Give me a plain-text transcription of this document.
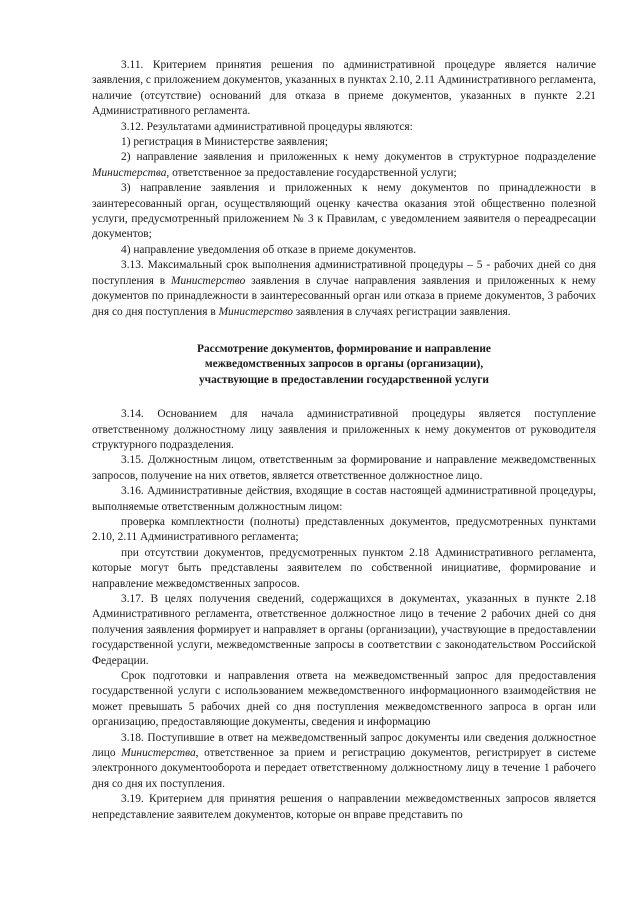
3.11. Критерием принятия решения по административной процедуре является наличие заявления, с приложением документов, указанных в пунктах 2.10, 2.11 Административного регламента, наличие (отсутствие) оснований для отказа в приеме документов, указанных в пункте 2.21 Административного регламента.

3.12. Результатами административной процедуры являются:

1) регистрация в Министерстве заявления;

2) направление заявления и приложенных к нему документов в структурное подразделение Министерства, ответственное за предоставление государственной услуги;

3) направление заявления и приложенных к нему документов по принадлежности в заинтересованный орган, осуществляющий оценку качества оказания этой общественно полезной услуги, предусмотренный приложением № 3 к Правилам, с уведомлением заявителя о переадресации документов;

4) направление уведомления об отказе в приеме документов.

3.13. Максимальный срок выполнения административной процедуры – 5 - рабочих дней со дня поступления в Министерство заявления в случае направления заявления и приложенных к нему документов по принадлежности в заинтересованный орган или отказа в приеме документов, 3 рабочих дня со дня поступления в Министерство заявления в случаях регистрации заявления.

Рассмотрение документов, формирование и направление
межведомственных запросов в органы (организации),
участвующие в предоставлении государственной услуги

3.14. Основанием для начала административной процедуры является поступление ответственному должностному лицу заявления и приложенных к нему документов от руководителя структурного подразделения.

3.15. Должностным лицом, ответственным за формирование и направление межведомственных запросов, получение на них ответов, является ответственное должностное лицо.

3.16. Административные действия, входящие в состав настоящей административной процедуры, выполняемые ответственным должностным лицом:

проверка комплектности (полноты) представленных документов, предусмотренных пунктами 2.10, 2.11 Административного регламента;

при отсутствии документов, предусмотренных пунктом 2.18 Административного регламента, которые могут быть представлены заявителем по собственной инициативе, формирование и направление межведомственных запросов.

3.17. В целях получения сведений, содержащихся в документах, указанных в пункте 2.18 Административного регламента, ответственное должностное лицо в течение 2 рабочих дней со дня получения заявления формирует и направляет в органы (организации), участвующие в предоставлении государственной услуги, межведомственные запросы в соответствии с законодательством Российской Федерации.

Срок подготовки и направления ответа на межведомственный запрос для предоставления государственной услуги с использованием межведомственного информационного взаимодействия не может превышать 5 рабочих дней со дня поступления межведомственного запроса в орган или организацию, предоставляющие документы, сведения и информацию

3.18. Поступившие в ответ на межведомственный запрос документы или сведения должностное лицо Министерства, ответственное за прием и регистрацию документов, регистрирует в системе электронного документооборота и передает ответственному должностному лицу в течение 1 рабочего дня со дня их поступления.

3.19. Критерием для принятия решения о направлении межведомственных запросов является непредставление заявителем документов, которые он вправе представить по
